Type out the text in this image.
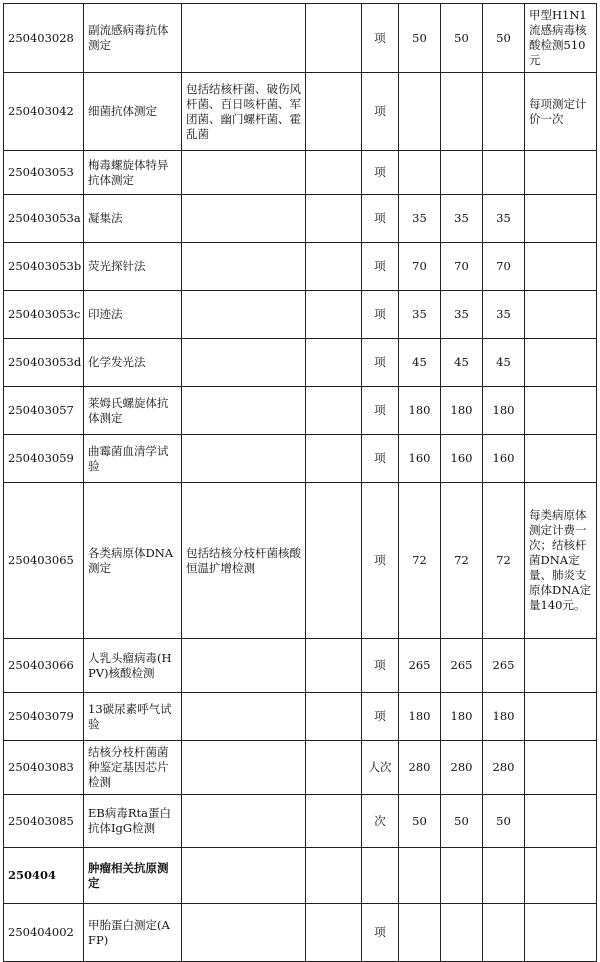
250403028	副流感病毒抗体测定			项	50	50	50	甲型H1N1流感病毒核酸检测510元
250403042	细菌抗体测定	包括结核杆菌、破伤风杆菌、百日咳杆菌、军团菌、幽门螺杆菌、霍乱菌		项				每项测定计价一次
250403053	梅毒螺旋体特异抗体测定			项				
250403053a	凝集法			项	35	35	35	
250403053b	荧光探针法			项	70	70	70	
250403053c	印迹法			项	35	35	35	
250403053d	化学发光法			项	45	45	45	
250403057	莱姆氏螺旋体抗体测定			项	180	180	180	
250403059	曲霉菌血清学试验			项	160	160	160	
250403065	各类病原体DNA测定	包括结核分枝杆菌核酸恒温扩增检测		项	72	72	72	每类病原体测定计费一次；结核杆菌DNA定量、肺炎支原体DNA定量140元。
250403066	人乳头瘤病毒(HPV)核酸检测			项	265	265	265	
250403079	13碳尿素呼气试验			项	180	180	180	
250403083	结核分枝杆菌菌种鉴定基因芯片检测			人次	280	280	280	
250403085	EB病毒Rta蛋白抗体IgG检测			次	50	50	50	
250404	肿瘤相关抗原测定							
250404002	甲胎蛋白测定(AFP)			项				
